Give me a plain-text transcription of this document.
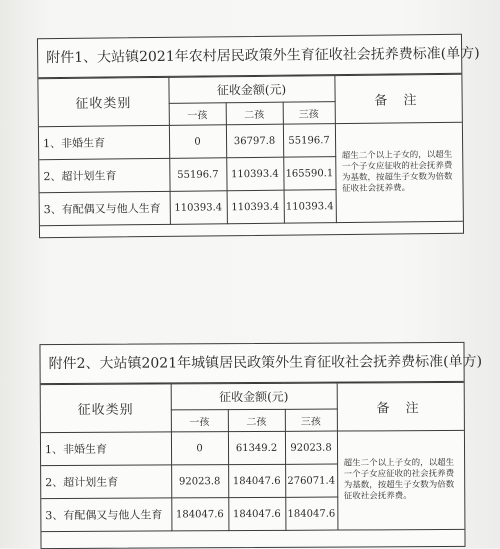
附件1、大站镇2021年农村居民政策外生育征收社会抚养费标准(单方)
征收类别	征收金额(元)			备 注
	一孩	二孩	三孩	
1、非婚生育	0	36797.8	55196.7	超生二个以上子女的，以超生一个子女应征收的社会抚养费为基数，按超生子女数为倍数征收社会抚养费。
2、超计划生育	55196.7	110393.4	165590.1	
3、有配偶又与他人生育	110393.4	110393.4	110393.4	
附件2、大站镇2021年城镇居民政策外生育征收社会抚养费标准(单方)
征收类别	征收金额(元)			备 注
	一孩	二孩	三孩	
1、非婚生育	0	61349.2	92023.8	超生二个以上子女的，以超生一个子女应征收的社会抚养费为基数，按超生子女数为倍数征收社会抚养费。
2、超计划生育	92023.8	184047.6	276071.4	
3、有配偶又与他人生育	184047.6	184047.6	184047.6	
